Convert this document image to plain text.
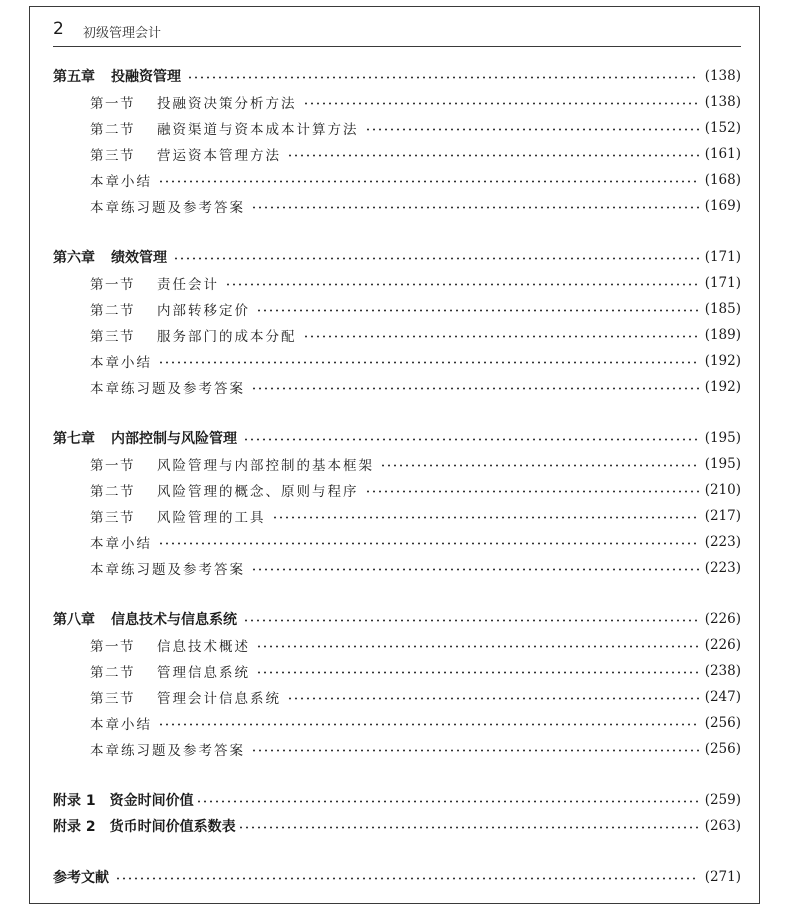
2 初级管理会计
第五章 投融资管理	(138)
第一节 投融资决策分析方法	(138)
第二节 融资渠道与资本成本计算方法	(152)
第三节 营运资本管理方法	(161)
本章小结	(168)
本章练习题及参考答案	(169)
第六章 绩效管理	(171)
第一节 责任会计	(171)
第二节 内部转移定价	(185)
第三节 服务部门的成本分配	(189)
本章小结	(192)
本章练习题及参考答案	(192)
第七章 内部控制与风险管理	(195)
第一节 风险管理与内部控制的基本框架	(195)
第二节 风险管理的概念、原则与程序	(210)
第三节 风险管理的工具	(217)
本章小结	(223)
本章练习题及参考答案	(223)
第八章 信息技术与信息系统	(226)
第一节 信息技术概述	(226)
第二节 管理信息系统	(238)
第三节 管理会计信息系统	(247)
本章小结	(256)
本章练习题及参考答案	(256)
附录 1 资金时间价值	(259)
附录 2 货币时间价值系数表	(263)
参考文献	(271)
